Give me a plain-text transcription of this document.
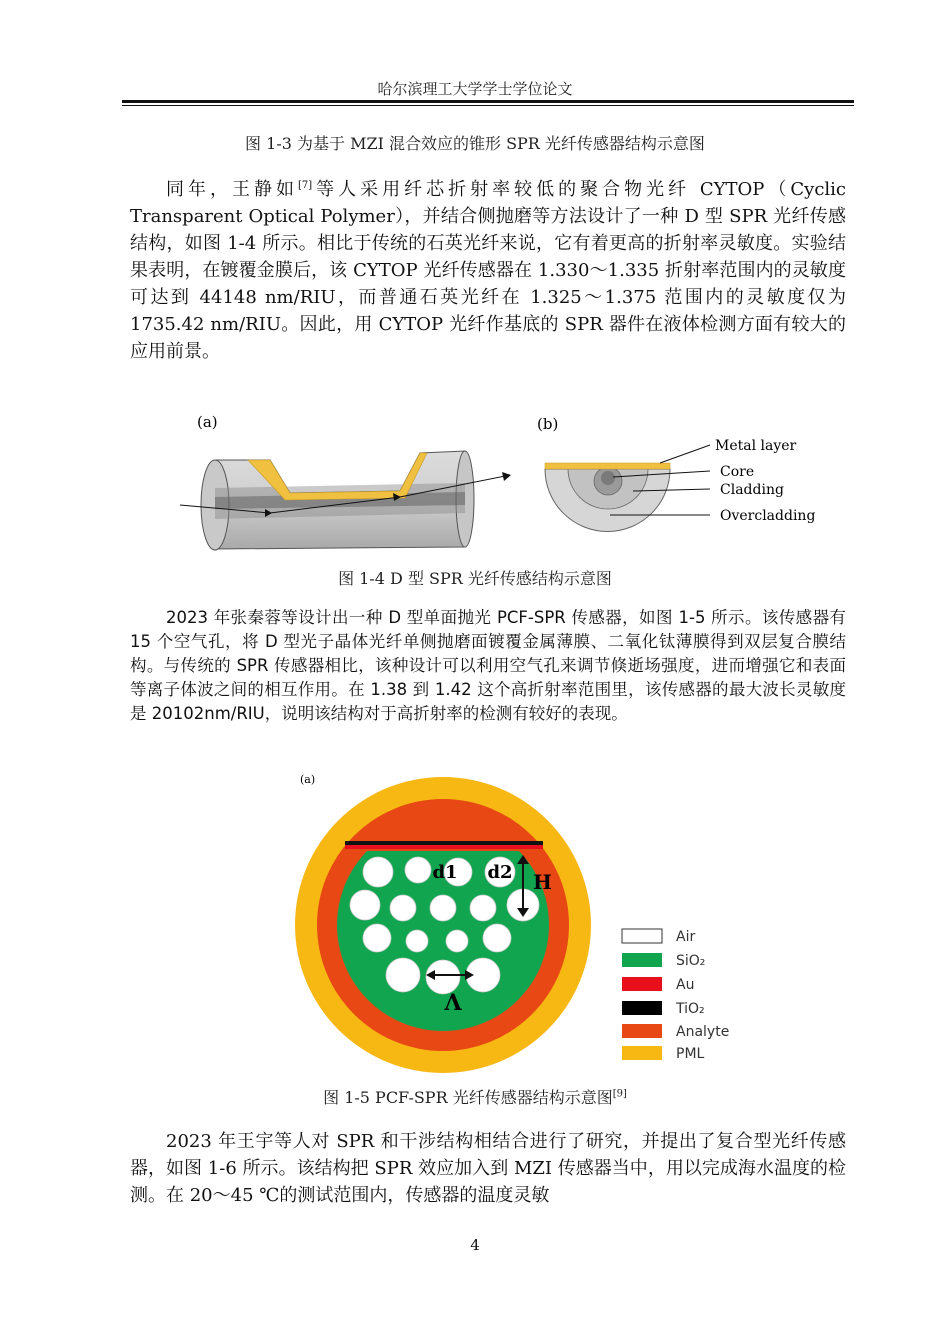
哈尔滨理工大学学士学位论文
图 1-3 为基于 MZI 混合效应的锥形 SPR 光纤传感器结构示意图

同年，王静如[7]等人采用纤芯折射率较低的聚合物光纤 CYTOP（Cyclic Transparent Optical Polymer），并结合侧抛磨等方法设计了一种 D 型 SPR 光纤传感结构，如图 1-4 所示。相比于传统的石英光纤来说，它有着更高的折射率灵敏度。实验结果表明，在镀覆金膜后，该 CYTOP 光纤传感器在 1.330～1.335 折射率范围内的灵敏度可达到 44148 nm/RIU，而普通石英光纤在 1.325～1.375 范围内的灵敏度仅为 1735.42 nm/RIU。因此，用 CYTOP 光纤作基底的 SPR 器件在液体检测方面有较大的应用前景。

(a)	(b)
Metal layer
Core
Cladding
Overcladding
图 1-4 D 型 SPR 光纤传感结构示意图

2023 年张秦蓉等设计出一种 D 型单面抛光 PCF-SPR 传感器，如图 1-5 所示。该传感器有 15 个空气孔，将 D 型光子晶体光纤单侧抛磨面镀覆金属薄膜、二氧化钛薄膜得到双层复合膜结构。与传统的 SPR 传感器相比，该种设计可以利用空气孔来调节倏逝场强度，进而增强它和表面等离子体波之间的相互作用。在 1.38 到 1.42 这个高折射率范围里，该传感器的最大波长灵敏度是 20102nm/RIU，说明该结构对于高折射率的检测有较好的表现。

(a)
d1 d2 H
Λ
Air
SiO₂
Au
TiO₂
Analyte
PML
图 1-5 PCF-SPR 光纤传感器结构示意图[9]

2023 年王宇等人对 SPR 和干涉结构相结合进行了研究，并提出了复合型光纤传感器，如图 1-6 所示。该结构把 SPR 效应加入到 MZI 传感器当中，用以完成海水温度的检测。在 20～45 ℃的测试范围内，传感器的温度灵敏

4
